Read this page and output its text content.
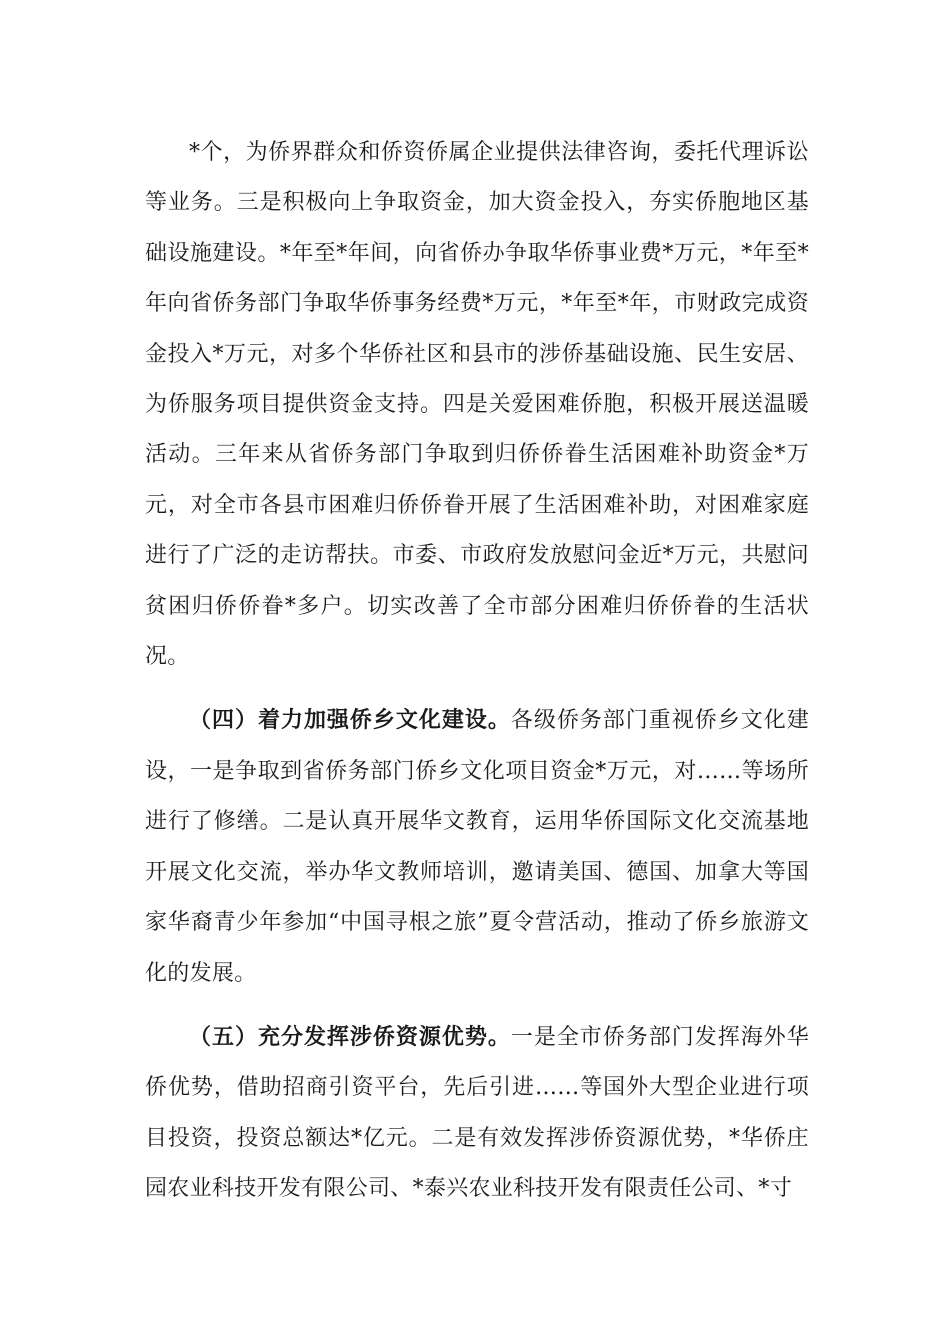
*个，为侨界群众和侨资侨属企业提供法律咨询，委托代理诉讼等业务。三是积极向上争取资金，加大资金投入，夯实侨胞地区基础设施建设。*年至*年间，向省侨办争取华侨事业费*万元，*年至*年向省侨务部门争取华侨事务经费*万元，*年至*年，市财政完成资金投入*万元，对多个华侨社区和县市的涉侨基础设施、民生安居、为侨服务项目提供资金支持。四是关爱困难侨胞，积极开展送温暖活动。三年来从省侨务部门争取到归侨侨眷生活困难补助资金*万元，对全市各县市困难归侨侨眷开展了生活困难补助，对困难家庭进行了广泛的走访帮扶。市委、市政府发放慰问金近*万元，共慰问贫困归侨侨眷*多户。切实改善了全市部分困难归侨侨眷的生活状况。

（四）着力加强侨乡文化建设。各级侨务部门重视侨乡文化建设，一是争取到省侨务部门侨乡文化项目资金*万元，对……等场所进行了修缮。二是认真开展华文教育，运用华侨国际文化交流基地开展文化交流，举办华文教师培训，邀请美国、德国、加拿大等国家华裔青少年参加“中国寻根之旅”夏令营活动，推动了侨乡旅游文化的发展。

（五）充分发挥涉侨资源优势。一是全市侨务部门发挥海外华侨优势，借助招商引资平台，先后引进……等国外大型企业进行项目投资，投资总额达*亿元。二是有效发挥涉侨资源优势，*华侨庄园农业科技开发有限公司、*泰兴农业科技开发有限责任公司、*寸
